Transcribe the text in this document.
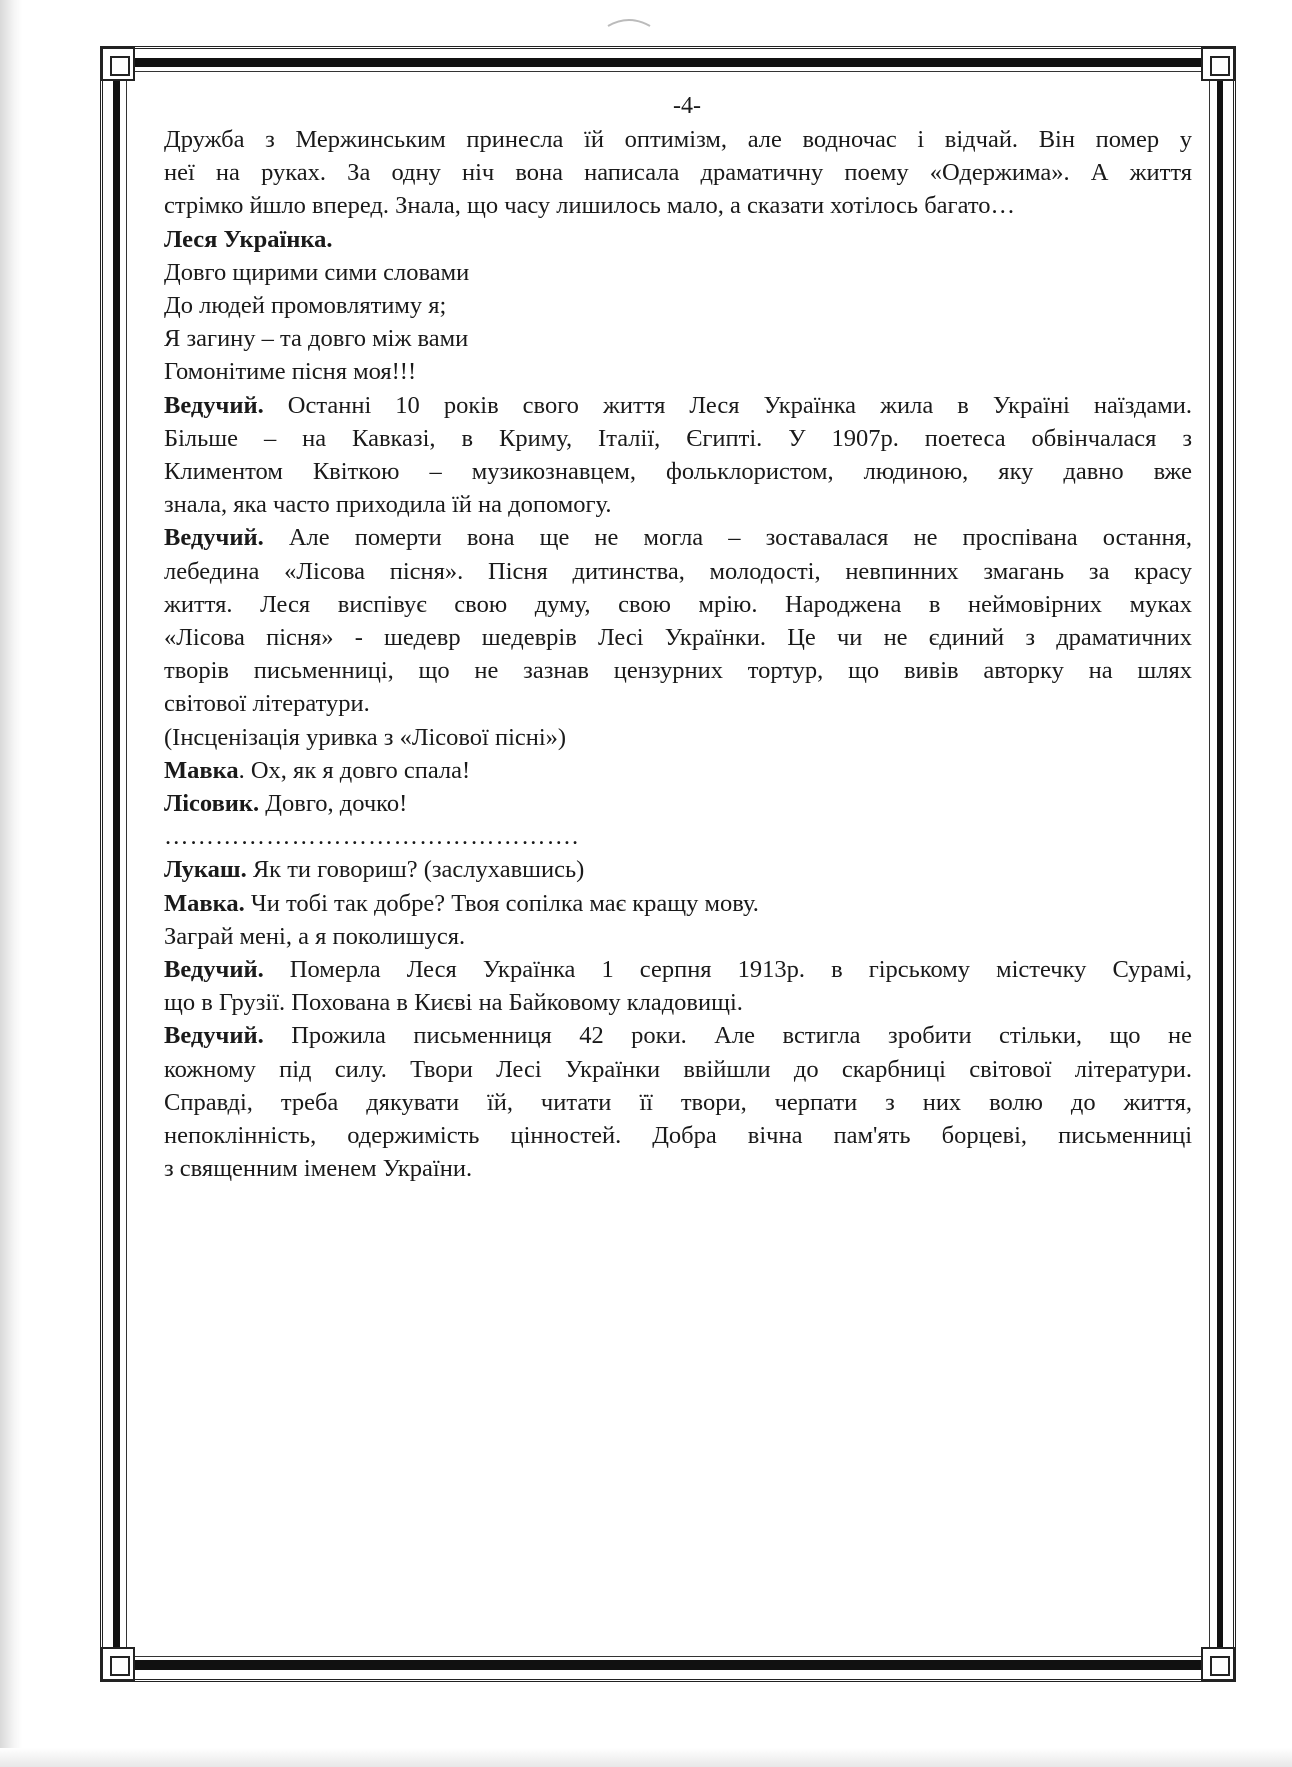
-4-
Дружба з Мержинським принесла їй оптимізм, але водночас і відчай. Він помер у
неї на руках. За одну ніч вона написала драматичну поему «Одержима». А життя
стрімко йшло вперед. Знала, що часу лишилось мало, а сказати хотілось багато…
Леся Українка.
Довго щирими сими словами
До людей промовлятиму я;
Я загину – та довго між вами
Гомонітиме пісня моя!!!
Ведучий. Останні 10 років свого життя Леся Українка жила в Україні наїздами.
Більше – на Кавказі, в Криму, Італії, Єгипті. У 1907р. поетеса обвінчалася з
Климентом Квіткою – музикознавцем, фольклористом, людиною, яку давно вже
знала, яка часто приходила їй на допомогу.
Ведучий. Але померти вона ще не могла – зоставалася не проспівана остання,
лебедина «Лісова пісня». Пісня дитинства, молодості, невпинних змагань за красу
життя. Леся виспівує свою думу, свою мрію. Народжена в неймовірних муках
«Лісова пісня» - шедевр шедеврів Лесі Українки. Це чи не єдиний з драматичних
творів письменниці, що не зазнав цензурних тортур, що вивів авторку на шлях
світової літератури.
(Інсценізація уривка з «Лісової пісні»)
Мавка. Ох, як я довго спала!
Лісовик. Довго, дочко!
………………………………………….
Лукаш. Як ти говориш? (заслухавшись)
Мавка. Чи тобі так добре? Твоя сопілка має кращу мову.
Заграй мені, а я поколишуся.
Ведучий. Померла Леся Українка 1 серпня 1913р. в гірському містечку Сурамі,
що в Грузії. Похована в Києві на Байковому кладовищі.
Ведучий. Прожила письменниця 42 роки. Але встигла зробити стільки, що не
кожному під силу. Твори Лесі Українки ввійшли до скарбниці світової літератури.
Справді, треба дякувати їй, читати її твори, черпати з них волю до життя,
непоклінність, одержимість цінностей. Добра вічна пам'ять борцеві, письменниці
з священним іменем України.
